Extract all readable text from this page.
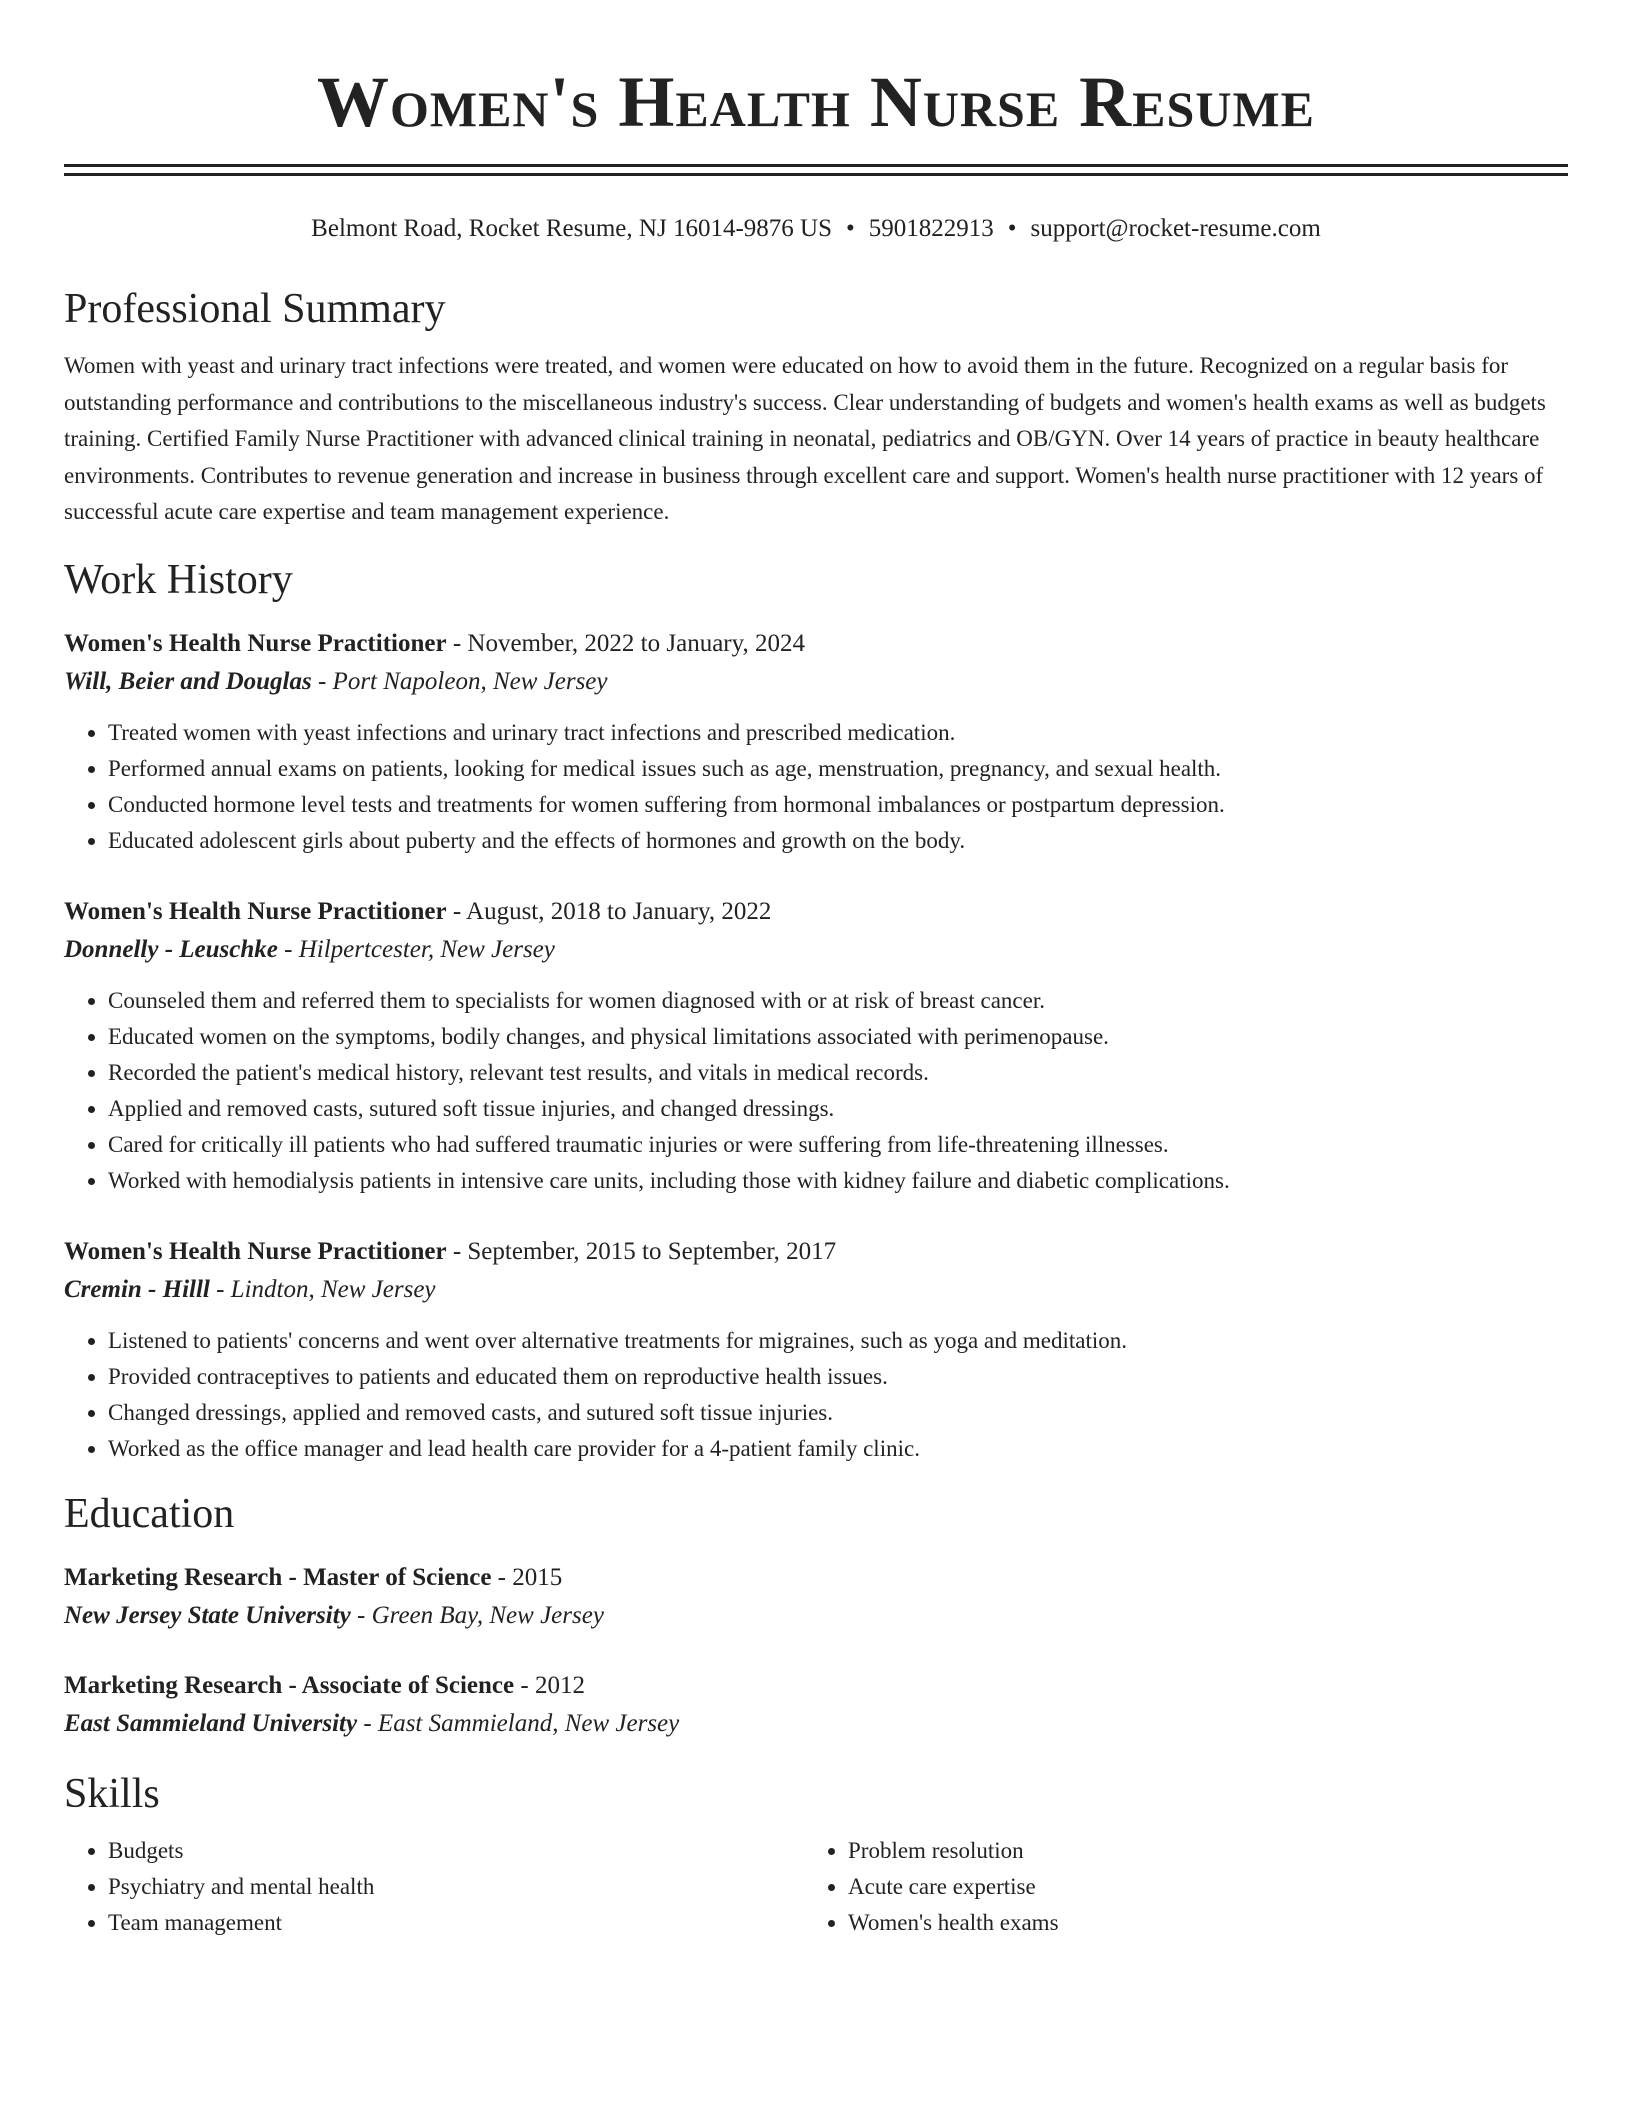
Women's Health Nurse Resume
Belmont Road, Rocket Resume, NJ 16014-9876 US • 5901822913 • support@rocket-resume.com
Professional Summary
Women with yeast and urinary tract infections were treated, and women were educated on how to avoid them in the future. Recognized on a regular basis for outstanding performance and contributions to the miscellaneous industry's success. Clear understanding of budgets and women's health exams as well as budgets training. Certified Family Nurse Practitioner with advanced clinical training in neonatal, pediatrics and OB/GYN. Over 14 years of practice in beauty healthcare environments. Contributes to revenue generation and increase in business through excellent care and support. Women's health nurse practitioner with 12 years of successful acute care expertise and team management experience.
Work History
Women's Health Nurse Practitioner - November, 2022 to January, 2024
Will, Beier and Douglas - Port Napoleon, New Jersey
• Treated women with yeast infections and urinary tract infections and prescribed medication.
• Performed annual exams on patients, looking for medical issues such as age, menstruation, pregnancy, and sexual health.
• Conducted hormone level tests and treatments for women suffering from hormonal imbalances or postpartum depression.
• Educated adolescent girls about puberty and the effects of hormones and growth on the body.
Women's Health Nurse Practitioner - August, 2018 to January, 2022
Donnelly - Leuschke - Hilpertcester, New Jersey
• Counseled them and referred them to specialists for women diagnosed with or at risk of breast cancer.
• Educated women on the symptoms, bodily changes, and physical limitations associated with perimenopause.
• Recorded the patient's medical history, relevant test results, and vitals in medical records.
• Applied and removed casts, sutured soft tissue injuries, and changed dressings.
• Cared for critically ill patients who had suffered traumatic injuries or were suffering from life-threatening illnesses.
• Worked with hemodialysis patients in intensive care units, including those with kidney failure and diabetic complications.
Women's Health Nurse Practitioner - September, 2015 to September, 2017
Cremin - Hilll - Lindton, New Jersey
• Listened to patients' concerns and went over alternative treatments for migraines, such as yoga and meditation.
• Provided contraceptives to patients and educated them on reproductive health issues.
• Changed dressings, applied and removed casts, and sutured soft tissue injuries.
• Worked as the office manager and lead health care provider for a 4-patient family clinic.
Education
Marketing Research - Master of Science - 2015
New Jersey State University - Green Bay, New Jersey
Marketing Research - Associate of Science - 2012
East Sammieland University - East Sammieland, New Jersey
Skills
• Budgets
• Psychiatry and mental health
• Team management
• Problem resolution
• Acute care expertise
• Women's health exams
